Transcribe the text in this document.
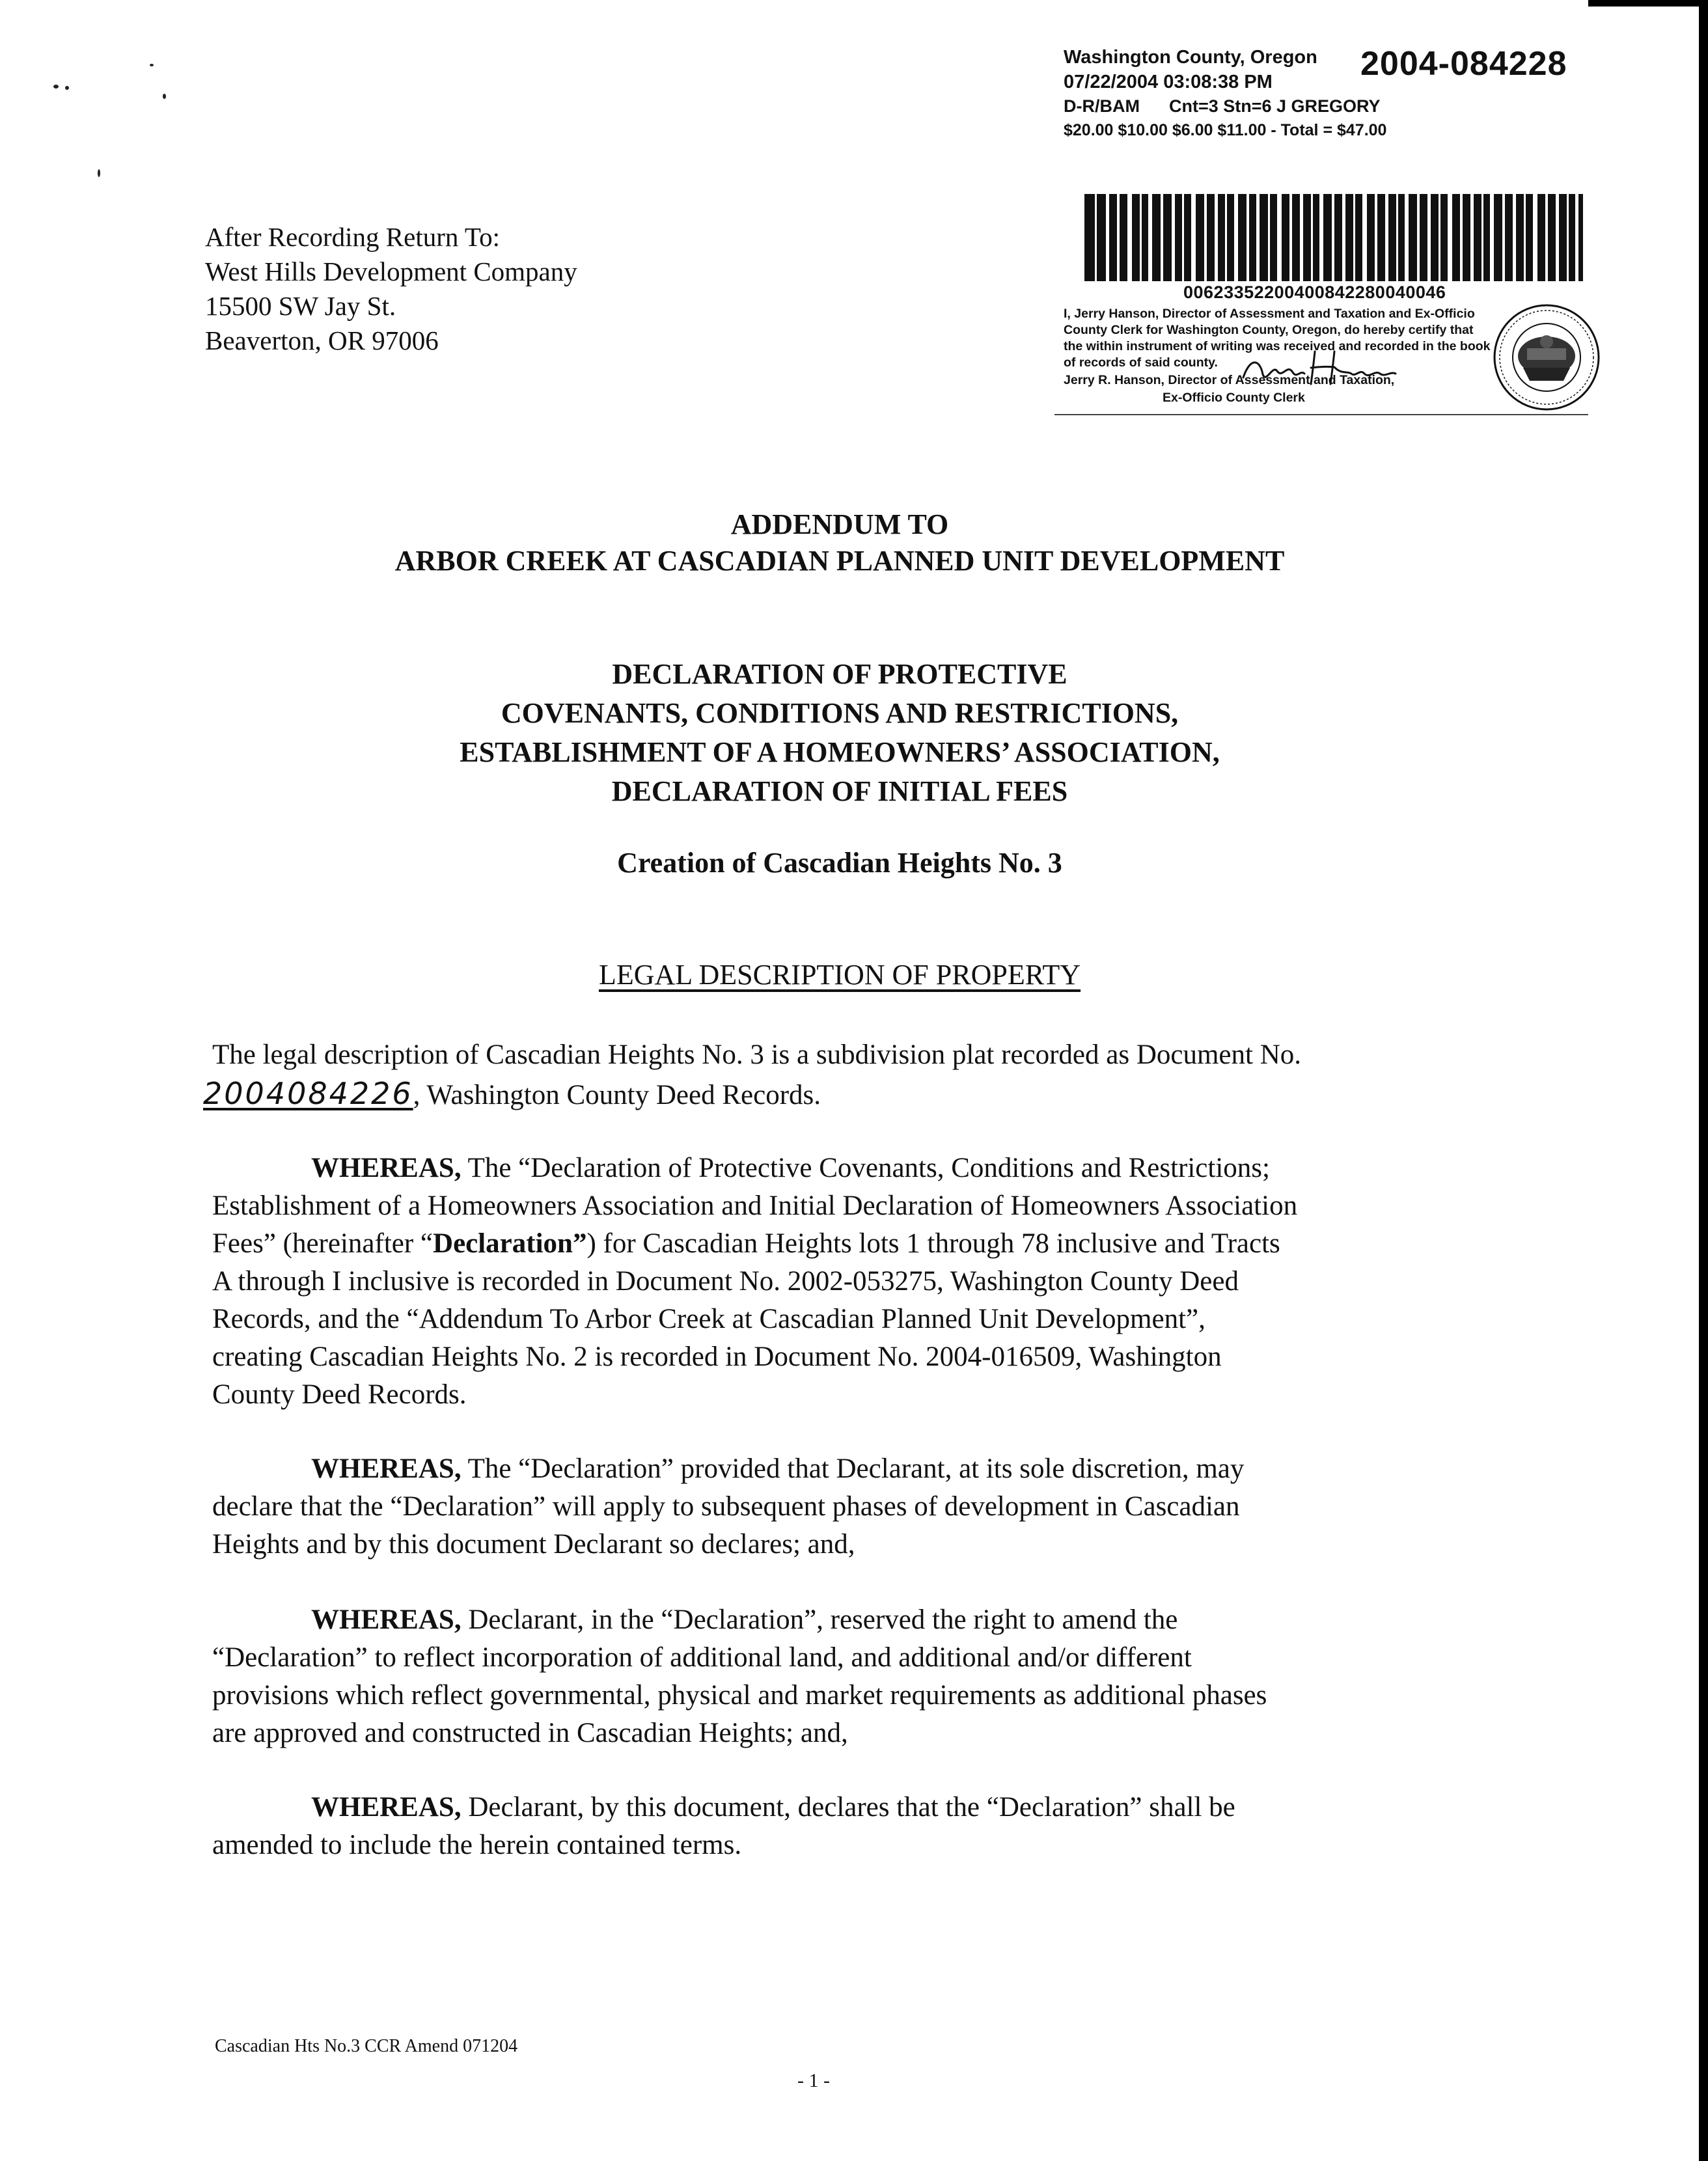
Washington County, Oregon 2004-084228
07/22/2004 03:08:38 PM
D-R/BAM      Cnt=3 Stn=6 J GREGORY
$20.00 $10.00 $6.00 $11.00 - Total = $47.00
00623352200400842280040046
I, Jerry Hanson, Director of Assessment and Taxation and Ex-Officio County Clerk for Washington County, Oregon, do hereby certify that the within instrument of writing was received and recorded in the book of records of said county.
Jerry R. Hanson, Director of Assessment and Taxation,
Ex-Officio County Clerk
After Recording Return To:
West Hills Development Company
15500 SW Jay St.
Beaverton, OR 97006
ADDENDUM TO
ARBOR CREEK AT CASCADIAN PLANNED UNIT DEVELOPMENT
DECLARATION OF PROTECTIVE
COVENANTS, CONDITIONS AND RESTRICTIONS,
ESTABLISHMENT OF A HOMEOWNERS’ ASSOCIATION,
DECLARATION OF INITIAL FEES
Creation of Cascadian Heights No. 3
LEGAL DESCRIPTION OF PROPERTY
The legal description of Cascadian Heights No. 3 is a subdivision plat recorded as Document No.
2004084226, Washington County Deed Records.
WHEREAS, The “Declaration of Protective Covenants, Conditions and Restrictions;
Establishment of a Homeowners Association and Initial Declaration of Homeowners Association
Fees” (hereinafter “Declaration”) for Cascadian Heights lots 1 through 78 inclusive and Tracts
A through I inclusive is recorded in Document No. 2002-053275, Washington County Deed
Records, and the “Addendum To Arbor Creek at Cascadian Planned Unit Development”,
creating Cascadian Heights No. 2 is recorded in Document No. 2004-016509, Washington
County Deed Records.
WHEREAS, The “Declaration” provided that Declarant, at its sole discretion, may
declare that the “Declaration” will apply to subsequent phases of development in Cascadian
Heights and by this document Declarant so declares; and,
WHEREAS, Declarant, in the “Declaration”, reserved the right to amend the
“Declaration” to reflect incorporation of additional land, and additional and/or different
provisions which reflect governmental, physical and market requirements as additional phases
are approved and constructed in Cascadian Heights; and,
WHEREAS, Declarant, by this document, declares that the “Declaration” shall be
amended to include the herein contained terms.
Cascadian Hts No.3 CCR Amend 071204
- 1 -
